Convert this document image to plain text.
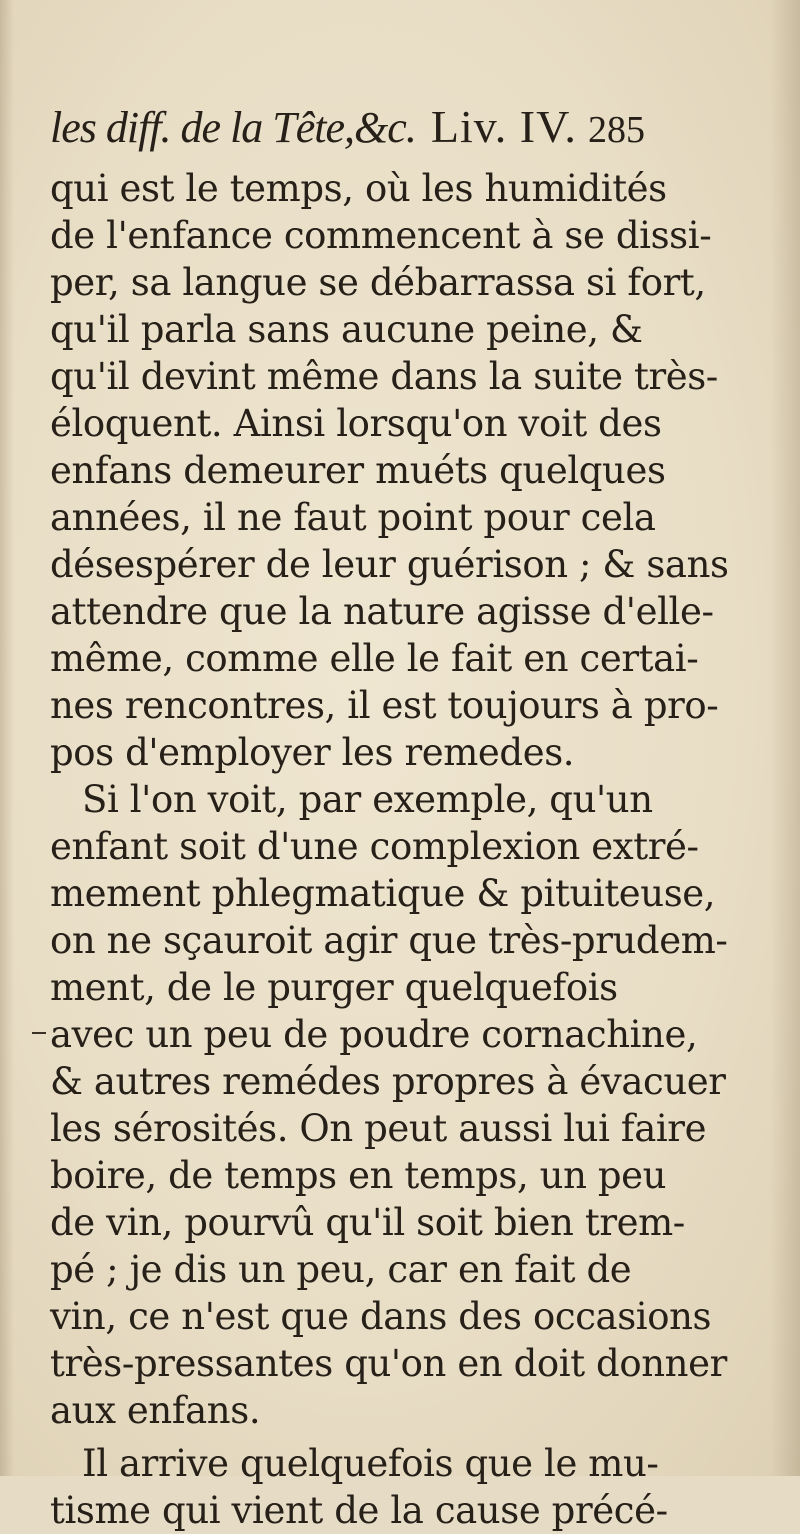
les diff. de la Tête,&c. Liv. IV. 285
qui est le temps, où les humidités
de l'enfance commencent à se dissi-
per, sa langue se débarrassa si fort,
qu'il parla sans aucune peine, &
qu'il devint même dans la suite très-
éloquent. Ainsi lorsqu'on voit des
enfans demeurer muéts quelques
années, il ne faut point pour cela
désespérer de leur guérison ; & sans
attendre que la nature agisse d'elle-
même, comme elle le fait en certai-
nes rencontres, il est toujours à pro-
pos d'employer les remedes.
Si l'on voit, par exemple, qu'un
enfant soit d'une complexion extré-
mement phlegmatique & pituiteuse,
on ne sçauroit agir que très-prudem-
ment, de le purger quelquefois
avec un peu de poudre cornachine,
& autres remédes propres à évacuer
les sérosités. On peut aussi lui faire
boire, de temps en temps, un peu
de vin, pourvû qu'il soit bien trem-
pé ; je dis un peu, car en fait de
vin, ce n'est que dans des occasions
très-pressantes qu'on en doit donner
aux enfans.
Il arrive quelquefois que le mu-
tisme qui vient de la cause précé-
